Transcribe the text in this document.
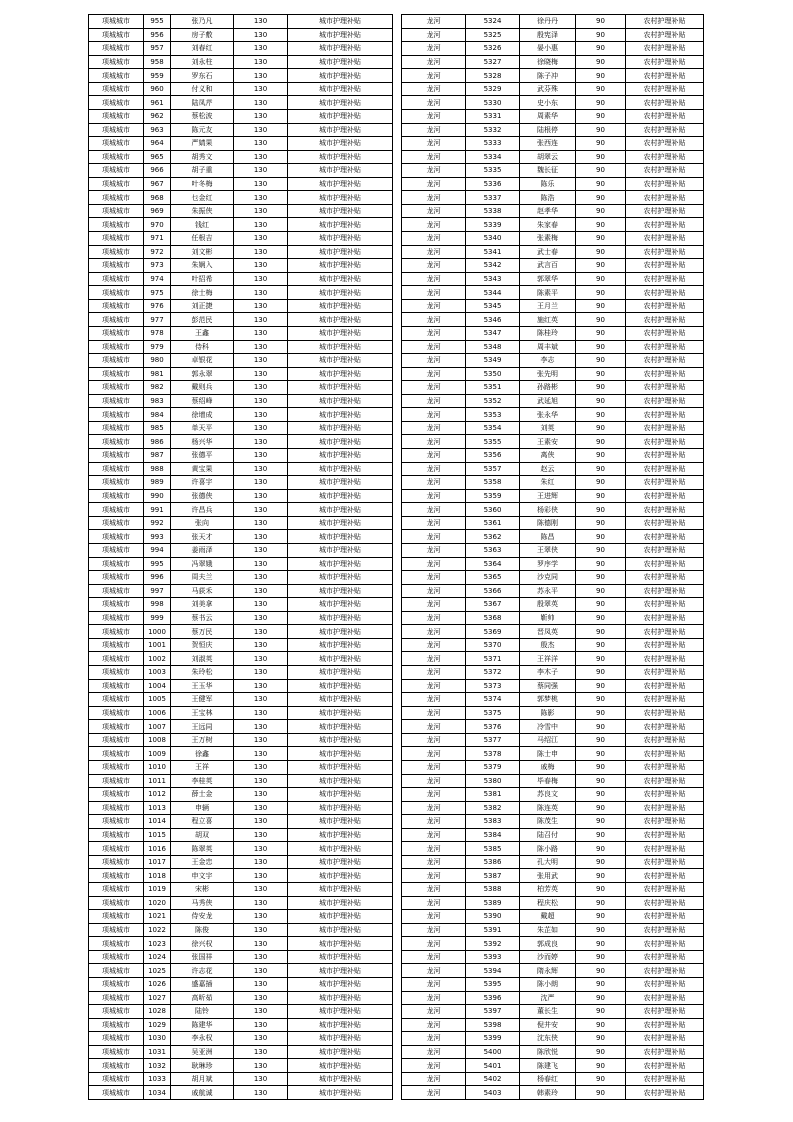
项城城市	955	张乃凡	130	城市护理补贴
项城城市	956	房子敷	130	城市护理补贴
项城城市	957	刘春红	130	城市护理补贴
项城城市	958	刘永柱	130	城市护理补贴
项城城市	959	罗东石	130	城市护理补贴
项城城市	960	付义和	130	城市护理补贴
项城城市	961	陆凤芹	130	城市护理补贴
项城城市	962	蔡松波	130	城市护理补贴
项城城市	963	陈元友	130	城市护理补贴
项城城市	964	严婧果	130	城市护理补贴
项城城市	965	胡秀文	130	城市护理补贴
项城城市	966	胡子重	130	城市护理补贴
项城城市	967	叶冬梅	130	城市护理补贴
项城城市	968	乜金红	130	城市护理补贴
项城城市	969	朱振侠	130	城市护理补贴
项城城市	970	钱红	130	城市护理补贴
项城城市	971	任根吉	130	城市护理补贴
项城城市	972	刘文彬	130	城市护理补贴
项城城市	973	朱娴入	130	城市护理补贴
项城城市	974	叶招希	130	城市护理补贴
项城城市	975	徐士梅	130	城市护理补贴
项城城市	976	刘正捷	130	城市护理补贴
项城城市	977	彭范民	130	城市护理补贴
项城城市	978	王鑫	130	城市护理补贴
项城城市	979	侍科	130	城市护理补贴
项城城市	980	卓银花	130	城市护理补贴
项城城市	981	郭永翠	130	城市护理补贴
项城城市	982	戴则兵	130	城市护理补贴
项城城市	983	蔡绍峰	130	城市护理补贴
项城城市	984	徐增成	130	城市护理补贴
项城城市	985	单天平	130	城市护理补贴
项城城市	986	杨兴华	130	城市护理补贴
项城城市	987	张德平	130	城市护理补贴
项城城市	988	黄宝果	130	城市护理补贴
项城城市	989	许喜宇	130	城市护理补贴
项城城市	990	张德侠	130	城市护理补贴
项城城市	991	许昌兵	130	城市护理补贴
项城城市	992	张向	130	城市护理补贴
项城城市	993	张天才	130	城市护理补贴
项城城市	994	姜雨泽	130	城市护理补贴
项城城市	995	冯翠娥	130	城市护理补贴
项城城市	996	周夫兰	130	城市护理补贴
项城城市	997	马荻禾	130	城市护理补贴
项城城市	998	刘美拿	130	城市护理补贴
项城城市	999	蔡书云	130	城市护理补贴
项城城市	1000	蔡万民	130	城市护理补贴
项城城市	1001	贺恒庆	130	城市护理补贴
项城城市	1002	刘淑英	130	城市护理补贴
项城城市	1003	朱玲松	130	城市护理补贴
项城城市	1004	王玉华	130	城市护理补贴
项城城市	1005	王健军	130	城市护理补贴
项城城市	1006	王宝林	130	城市护理补贴
项城城市	1007	王远同	130	城市护理补贴
项城城市	1008	王万树	130	城市护理补贴
项城城市	1009	徐鑫	130	城市护理补贴
项城城市	1010	王祥	130	城市护理补贴
项城城市	1011	李桂英	130	城市护理补贴
项城城市	1012	薛士金	130	城市护理补贴
项城城市	1013	申辆	130	城市护理补贴
项城城市	1014	程立喜	130	城市护理补贴
项城城市	1015	胡双	130	城市护理补贴
项城城市	1016	陈翠英	130	城市护理补贴
项城城市	1017	王金忠	130	城市护理补贴
项城城市	1018	申文宇	130	城市护理补贴
项城城市	1019	宋彬	130	城市护理补贴
项城城市	1020	马秀侠	130	城市护理补贴
项城城市	1021	侍安龙	130	城市护理补贴
项城城市	1022	陈俊	130	城市护理补贴
项城城市	1023	徐兴权	130	城市护理补贴
项城城市	1024	张国祥	130	城市护理补贴
项城城市	1025	许志花	130	城市护理补贴
项城城市	1026	盛嘉插	130	城市护理补贴
项城城市	1027	高昕茹	130	城市护理补贴
项城城市	1028	陆铃	130	城市护理补贴
项城城市	1029	陈建华	130	城市护理补贴
项城城市	1030	李永权	130	城市护理补贴
项城城市	1031	吴亚洲	130	城市护理补贴
项城城市	1032	耿琳珍	130	城市护理补贴
项城城市	1033	胡月斌	130	城市护理补贴
项城城市	1034	戚航诚	130	城市护理补贴
龙河	5324	徐丹丹	90	农村护理补贴
龙河	5325	殷宪泽	90	农村护理补贴
龙河	5326	晏小惠	90	农村护理补贴
龙河	5327	徐晓梅	90	农村护理补贴
龙河	5328	陈子冲	90	农村护理补贴
龙河	5329	武芬殊	90	农村护理补贴
龙河	5330	史小东	90	农村护理补贴
龙河	5331	周素华	90	农村护理补贴
龙河	5332	陆根停	90	农村护理补贴
龙河	5333	张西连	90	农村护理补贴
龙河	5334	胡翠云	90	农村护理补贴
龙河	5335	魏长征	90	农村护理补贴
龙河	5336	陈乐	90	农村护理补贴
龙河	5337	陈浩	90	农村护理补贴
龙河	5338	赵孝华	90	农村护理补贴
龙河	5339	朱家春	90	农村护理补贴
龙河	5340	张素梅	90	农村护理补贴
龙河	5341	武士春	90	农村护理补贴
龙河	5342	武言百	90	农村护理补贴
龙河	5343	郭翠华	90	农村护理补贴
龙河	5344	陈素平	90	农村护理补贴
龙河	5345	王月兰	90	农村护理补贴
龙河	5346	施红英	90	农村护理补贴
龙河	5347	陈桂玲	90	农村护理补贴
龙河	5348	周丰斌	90	农村护理补贴
龙河	5349	李志	90	农村护理补贴
龙河	5350	张先明	90	农村护理补贴
龙河	5351	孙路彬	90	农村护理补贴
龙河	5352	武延旭	90	农村护理补贴
龙河	5353	张永华	90	农村护理补贴
龙河	5354	刘英	90	农村护理补贴
龙河	5355	王素安	90	农村护理补贴
龙河	5356	离侠	90	农村护理补贴
龙河	5357	赵云	90	农村护理补贴
龙河	5358	朱红	90	农村护理补贴
龙河	5359	王进辉	90	农村护理补贴
龙河	5360	杨彩侠	90	农村护理补贴
龙河	5361	陈德刚	90	农村护理补贴
龙河	5362	陈昌	90	农村护理补贴
龙河	5363	王翠侠	90	农村护理补贴
龙河	5364	罗序学	90	农村护理补贴
龙河	5365	沙克同	90	农村护理补贴
龙河	5366	苏永平	90	农村护理补贴
龙河	5367	殷翠英	90	农村护理补贴
龙河	5368	靳帅	90	农村护理补贴
龙河	5369	晋凤英	90	农村护理补贴
龙河	5370	殷杰	90	农村护理补贴
龙河	5371	王祥洋	90	农村护理补贴
龙河	5372	李木子	90	农村护理补贴
龙河	5373	蔡同强	90	农村护理补贴
龙河	5374	郭梦桃	90	农村护理补贴
龙河	5375	陈影	90	农村护理补贴
龙河	5376	冷雪中	90	农村护理补贴
龙河	5377	马绍江	90	农村护理补贴
龙河	5378	陈士申	90	农村护理补贴
龙河	5379	戚梅	90	农村护理补贴
龙河	5380	毕春梅	90	农村护理补贴
龙河	5381	苏良文	90	农村护理补贴
龙河	5382	陈连英	90	农村护理补贴
龙河	5383	陈茂生	90	农村护理补贴
龙河	5384	陆召付	90	农村护理补贴
龙河	5385	陈小路	90	农村护理补贴
龙河	5386	孔大明	90	农村护理补贴
龙河	5387	张用武	90	农村护理补贴
龙河	5388	柏芳英	90	农村护理补贴
龙河	5389	程庆松	90	农村护理补贴
龙河	5390	戴超	90	农村护理补贴
龙河	5391	朱芷如	90	农村护理补贴
龙河	5392	郭成良	90	农村护理补贴
龙河	5393	沙而婷	90	农村护理补贴
龙河	5394	隋永辉	90	农村护理补贴
龙河	5395	陈小朗	90	农村护理补贴
龙河	5396	沈严	90	农村护理补贴
龙河	5397	董长生	90	农村护理补贴
龙河	5398	倪井安	90	农村护理补贴
龙河	5399	沈东侠	90	农村护理补贴
龙河	5400	陈欣悦	90	农村护理补贴
龙河	5401	陈建飞	90	农村护理补贴
龙河	5402	杨春红	90	农村护理补贴
龙河	5403	韩素玲	90	农村护理补贴
